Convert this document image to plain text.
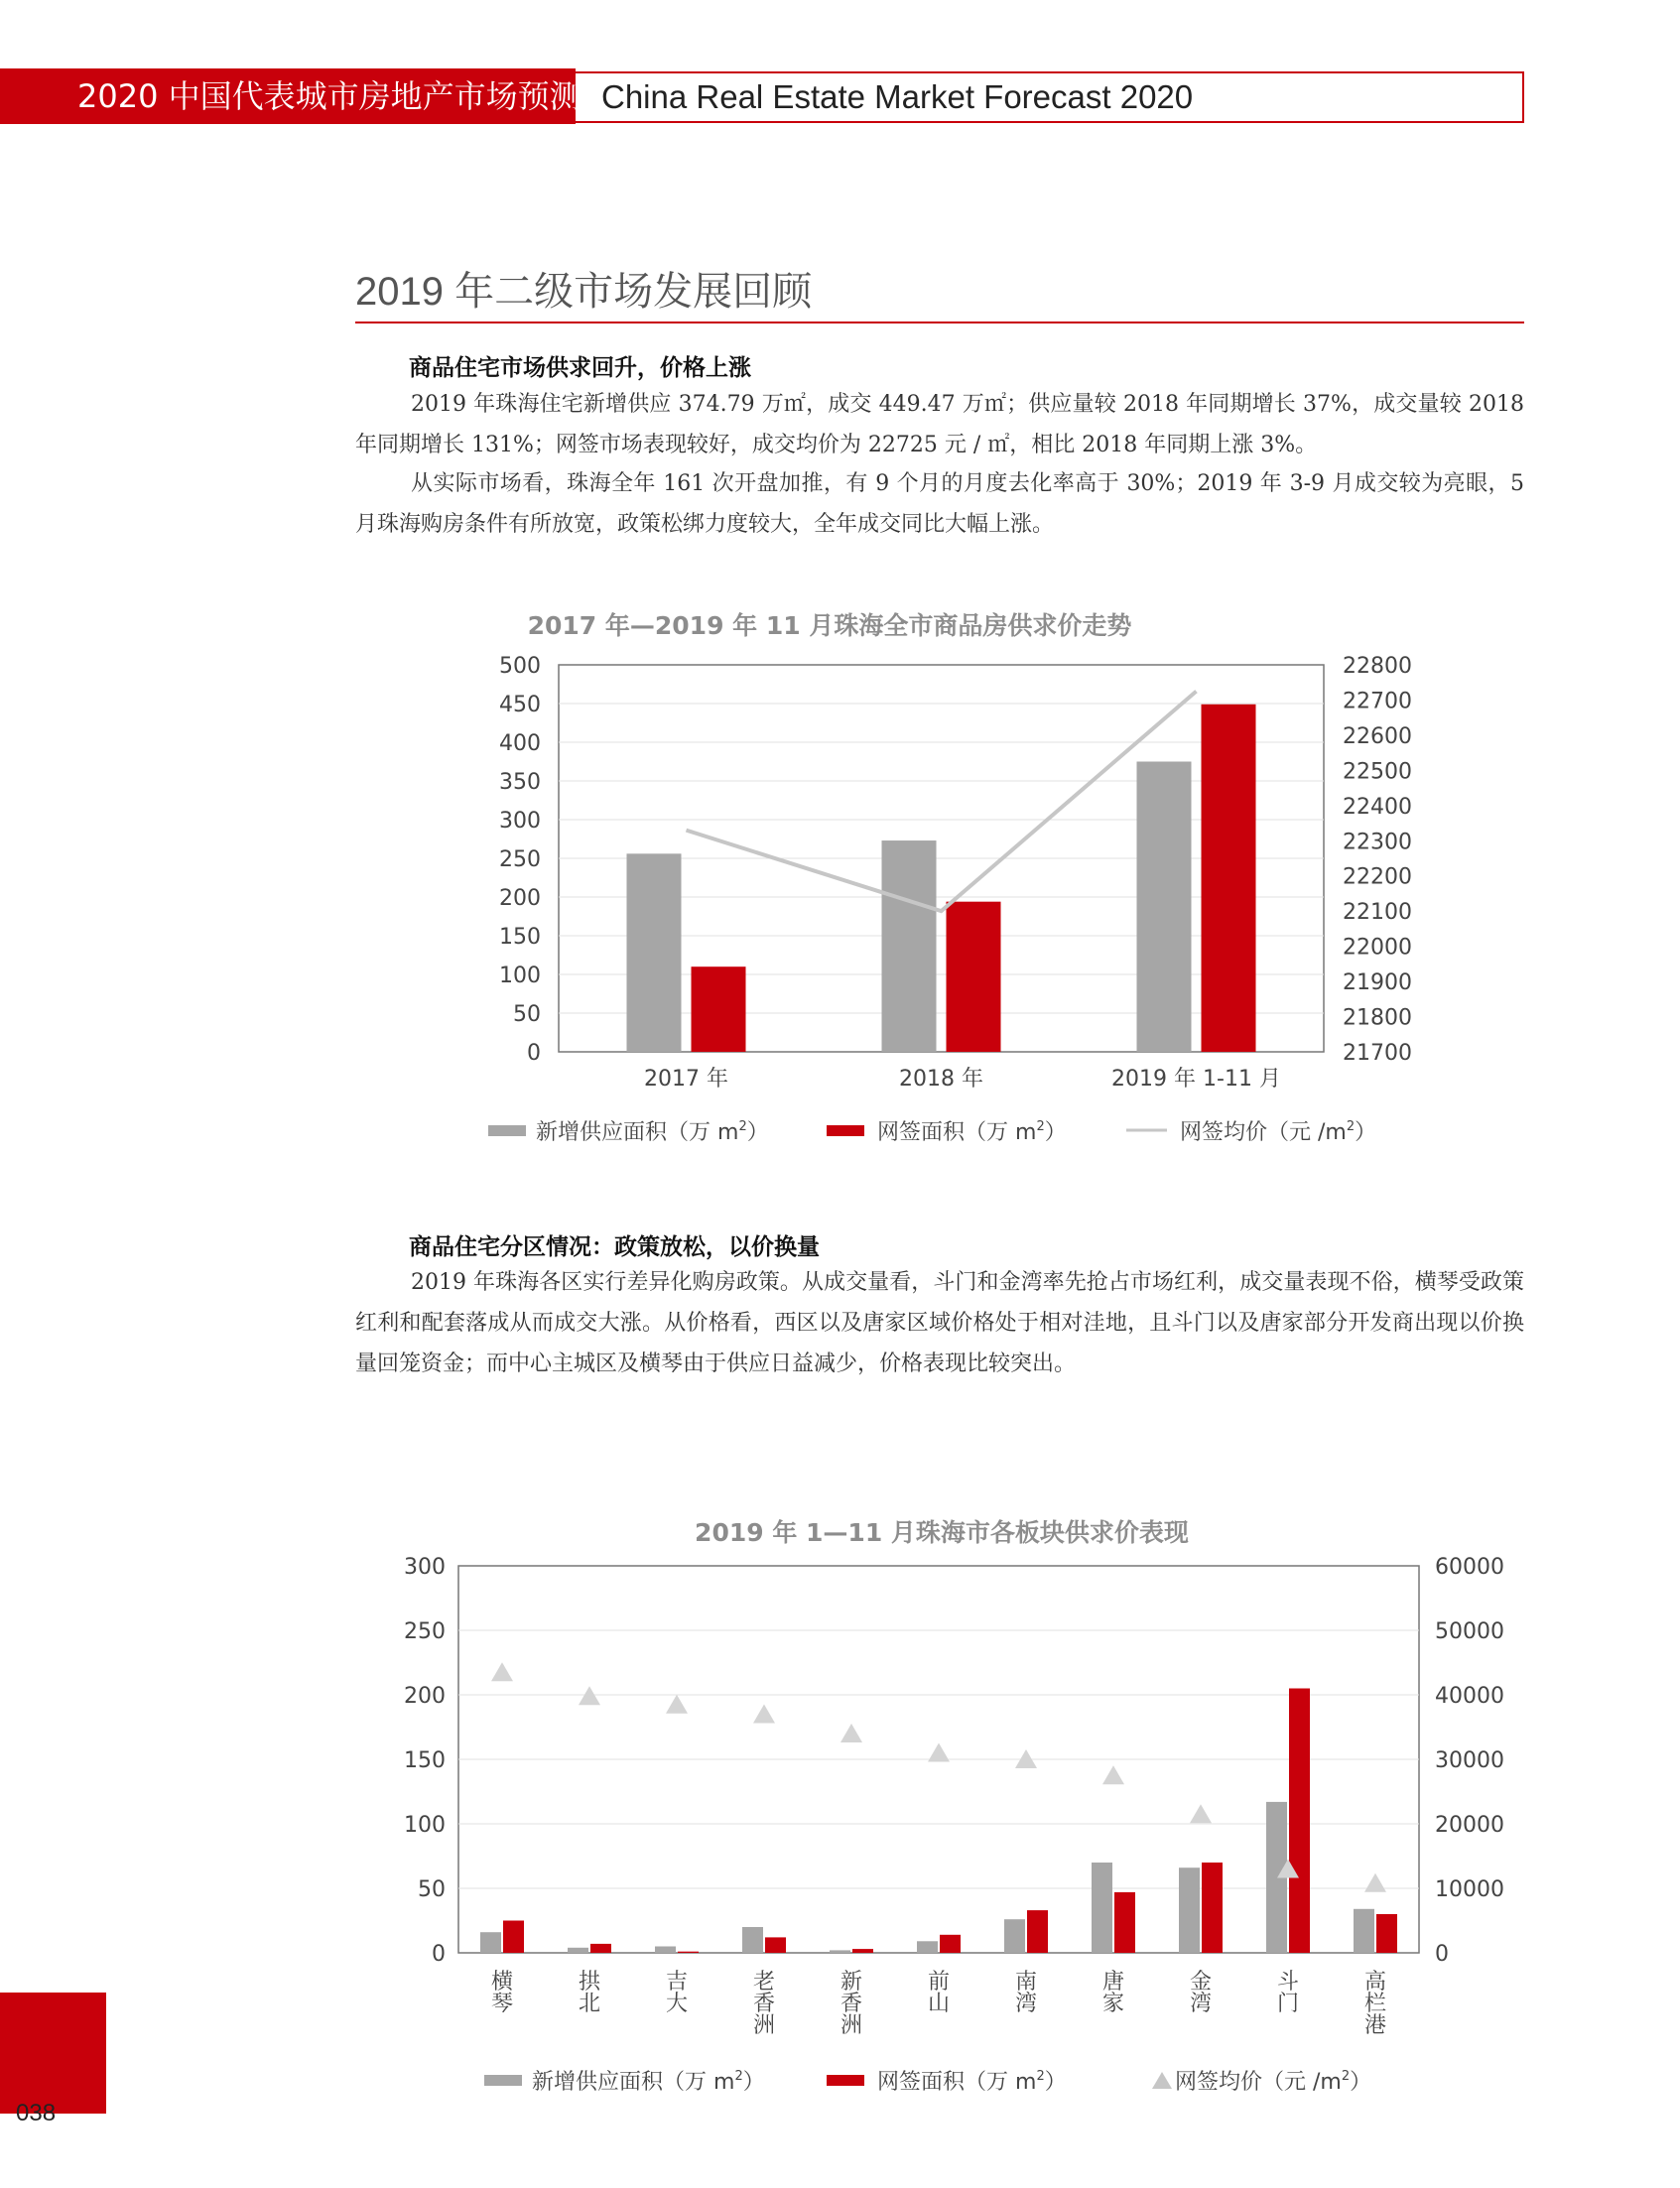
2020 中国代表城市房地产市场预测 China Real Estate Market Forecast 2020
2019 年二级市场发展回顾
商品住宅市场供求回升，价格上涨
2019 年珠海住宅新增供应 374.79 万㎡，成交 449.47 万㎡；供应量较 2018 年同期增长 37%，成交量较 2018 年同期增长 131%；网签市场表现较好，成交均价为 22725 元 / ㎡，相比 2018 年同期上涨 3%。
从实际市场看，珠海全年 161 次开盘加推，有 9 个月的月度去化率高于 30%；2019 年 3-9 月成交较为亮眼，5 月珠海购房条件有所放宽，政策松绑力度较大，全年成交同比大幅上涨。
2017 年—2019 年 11 月珠海全市商品房供求价走势
0
50
100
150
200
250
300
350
400
450
500
21700
21800
21900
22000
22100
22200
22300
22400
22500
22600
22700
22800
2017 年	2018 年	2019 年 1-11 月
新增供应面积（万 $m^2$）	网签面积（万 $m^2$）	网签均价（元 $/m^2$）
商品住宅分区情况：政策放松，以价换量
2019 年珠海各区实行差异化购房政策。从成交量看，斗门和金湾率先抢占市场红利，成交量表现不俗，横琴受政策红利和配套落成从而成交大涨。从价格看，西区以及唐家区域价格处于相对洼地，且斗门以及唐家部分开发商出现以价换量回笼资金；而中心主城区及横琴由于供应日益减少，价格表现比较突出。
2019 年 1—11 月珠海市各板块供求价表现
0
50
100
150
200
250
300
0
10000
20000
30000
40000
50000
60000
横琴
拱北
吉大
老香洲
新香洲
前山
南湾
唐家
金湾
斗门
高栏港
新增供应面积（万 $m^2$）	网签面积（万 $m^2$）	网签均价（元 $/m^2$）
038
